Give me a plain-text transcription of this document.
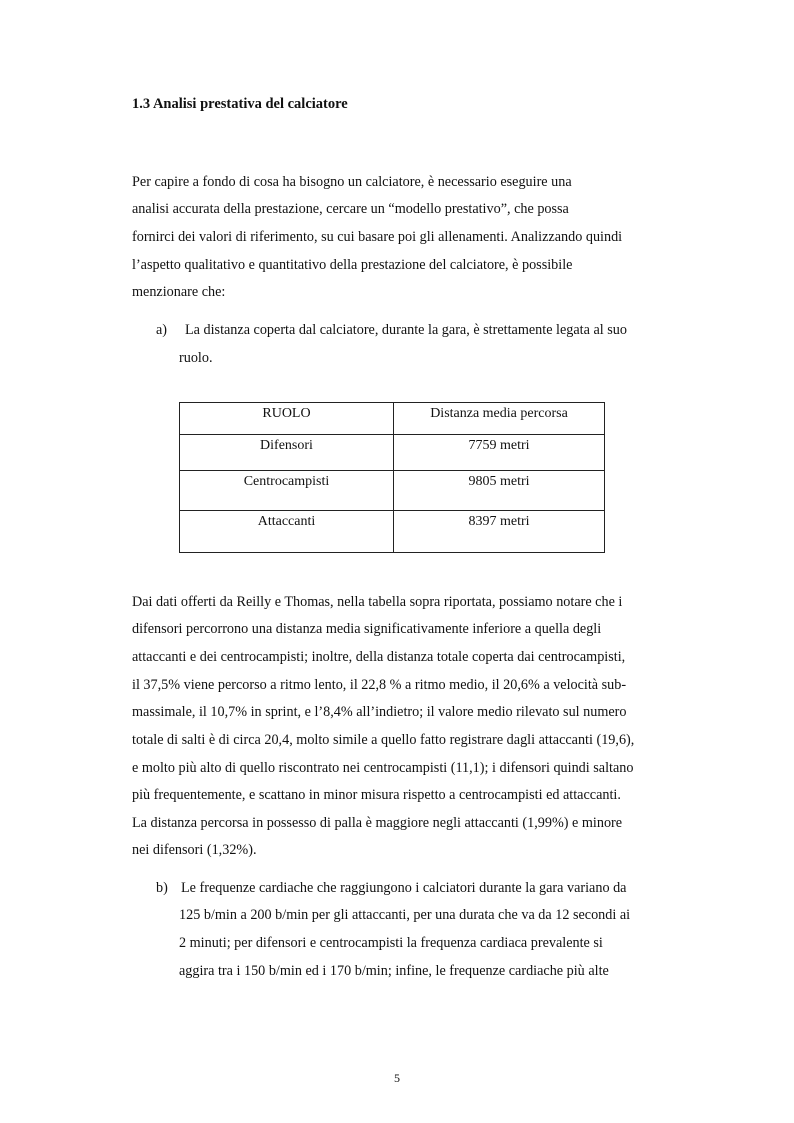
1.3 Analisi prestativa del calciatore

Per capire a fondo di cosa ha bisogno un calciatore, è necessario eseguire una

analisi accurata della prestazione, cercare un “modello prestativo”, che possa

fornirci dei valori di riferimento, su cui basare poi gli allenamenti. Analizzando quindi

l’aspetto qualitativo e quantitativo della prestazione del calciatore, è possibile

menzionare che:

a) La distanza coperta dal calciatore, durante la gara, è strettamente legata al suo

ruolo.

RUOLO	Distanza media percorsa
Difensori	7759 metri
Centrocampisti	9805 metri
Attaccanti	8397 metri

Dai dati offerti da Reilly e Thomas, nella tabella sopra riportata, possiamo notare che i

difensori percorrono una distanza media significativamente inferiore a quella degli

attaccanti e dei centrocampisti; inoltre, della distanza totale coperta dai centrocampisti,

il 37,5% viene percorso a ritmo lento, il 22,8 % a ritmo medio, il 20,6% a velocità sub-

massimale, il 10,7% in sprint, e l’8,4% all’indietro; il valore medio rilevato sul numero

totale di salti è di circa 20,4, molto simile a quello fatto registrare dagli attaccanti (19,6),

e molto più alto di quello riscontrato nei centrocampisti (11,1); i difensori quindi saltano

più frequentemente, e scattano in minor misura rispetto a centrocampisti ed attaccanti.

La distanza percorsa in possesso di palla è maggiore negli attaccanti (1,99%) e minore

nei difensori (1,32%).

b) Le frequenze cardiache che raggiungono i calciatori durante la gara variano da

125 b/min a 200 b/min per gli attaccanti, per una durata che va da 12 secondi ai

2 minuti; per difensori e centrocampisti la frequenza cardiaca prevalente si

aggira tra i 150 b/min ed i 170 b/min; infine, le frequenze cardiache più alte

5
